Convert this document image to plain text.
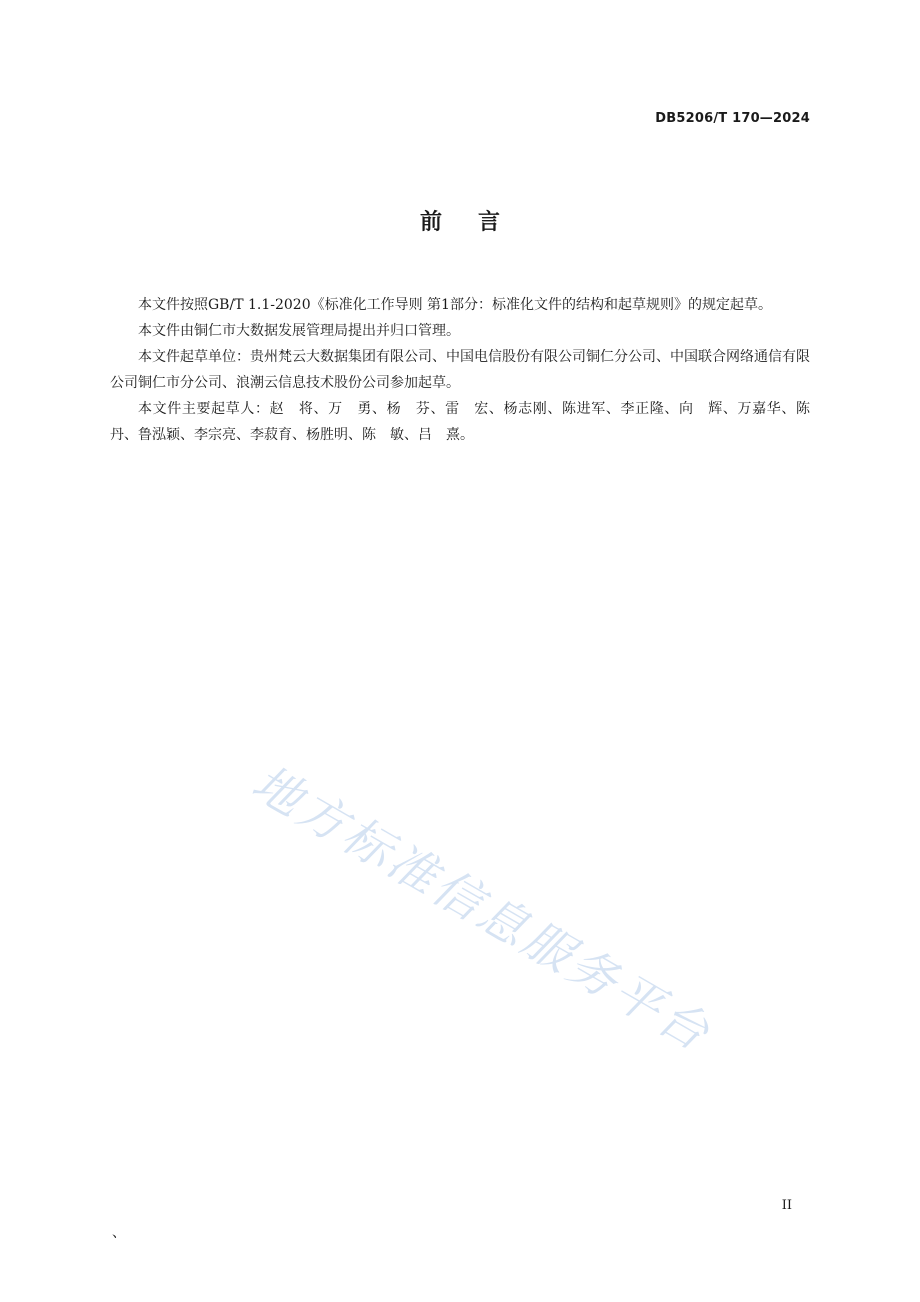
DB5206/T 170—2024
前 言

本文件按照GB/T 1.1-2020《标准化工作导则 第1部分：标准化文件的结构和起草规则》的规定起草。

本文件由铜仁市大数据发展管理局提出并归口管理。

本文件起草单位：贵州梵云大数据集团有限公司、中国电信股份有限公司铜仁分公司、中国联合网络通信有限公司铜仁市分公司、浪潮云信息技术股份公司参加起草。

本文件主要起草人：赵　将、万　勇、杨　芬、雷　宏、杨志刚、陈进军、李正隆、向　辉、万嘉华、陈　丹、鲁泓颖、李宗亮、李菽育、杨胜明、陈　敏、吕　熹。

地方标准信息服务平台
II
、
